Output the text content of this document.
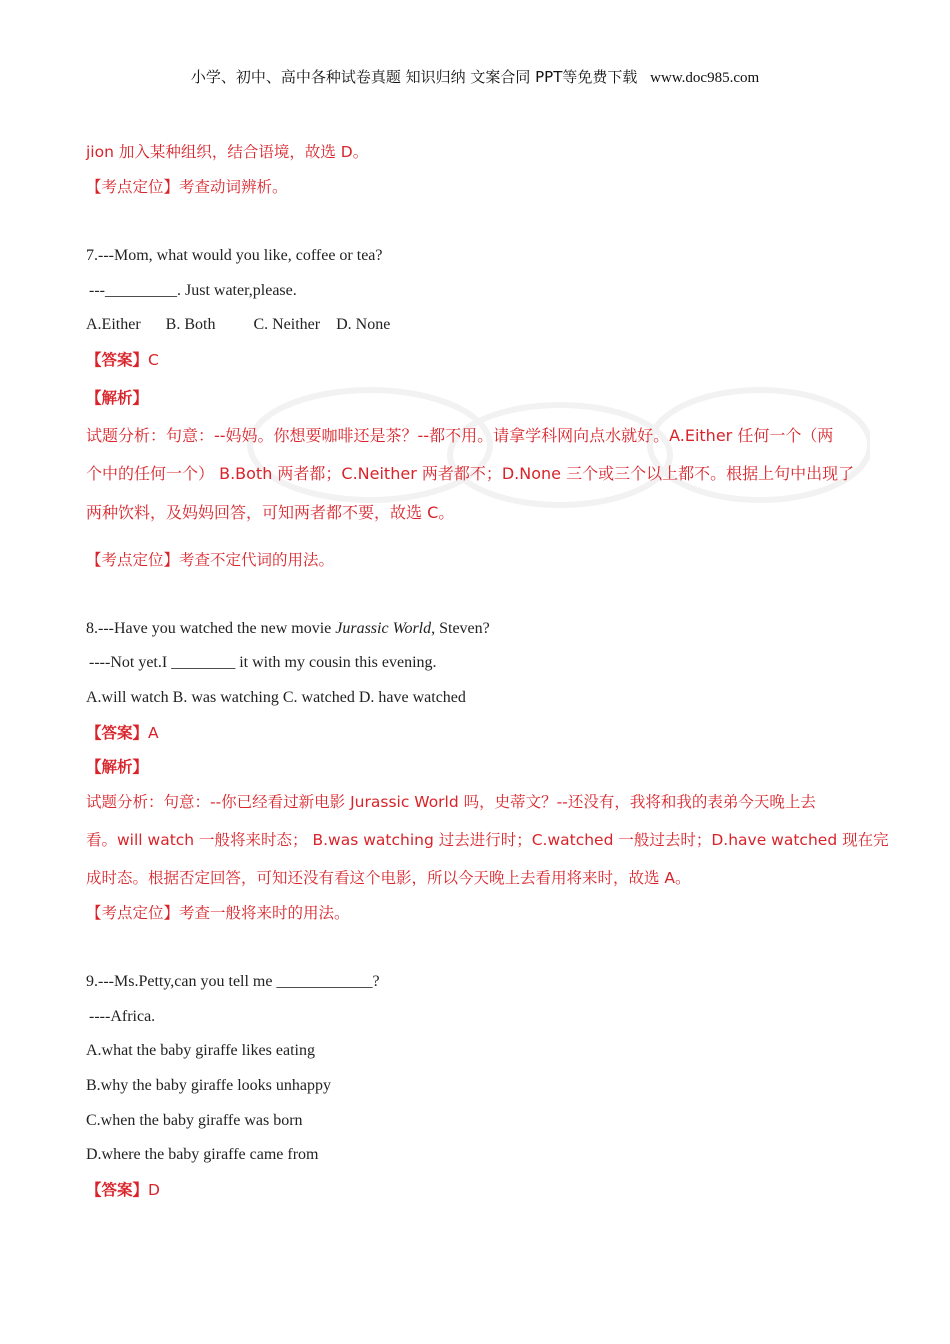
小学、初中、高中各种试卷真题 知识归纳 文案合同 PPT等免费下载 www.doc985.com
jion 加入某种组织，结合语境，故选 D。
【考点定位】考查动词辨析。
7.---Mom, what would you like, coffee or tea?
---_________. Just water,please.
A.Either B. Both C. Neither D. None
【答案】C
【解析】
试题分析：句意：--妈妈。你想要咖啡还是茶？--都不用。请拿学科网向点水就好。A.Either 任何一个（两
个中的任何一个） B.Both 两者都；C.Neither 两者都不；D.None 三个或三个以上都不。根据上句中出现了
两种饮料，及妈妈回答，可知两者都不要，故选 C。
【考点定位】考查不定代词的用法。
8.---Have you watched the new movie Jurassic World, Steven?
----Not yet.I ________ it with my cousin this evening.
A.will watch B. was watching C. watched D. have watched
【答案】A
【解析】
试题分析：句意：--你已经看过新电影 Jurassic World 吗，史蒂文？--还没有，我将和我的表弟今天晚上去
看。will watch 一般将来时态； B.was watching 过去进行时；C.watched 一般过去时；D.have watched 现在完
成时态。根据否定回答，可知还没有看这个电影，所以今天晚上去看用将来时，故选 A。
【考点定位】考查一般将来时的用法。
9.---Ms.Petty,can you tell me ____________?
----Africa.
A.what the baby giraffe likes eating
B.why the baby giraffe looks unhappy
C.when the baby giraffe was born
D.where the baby giraffe came from
【答案】D
